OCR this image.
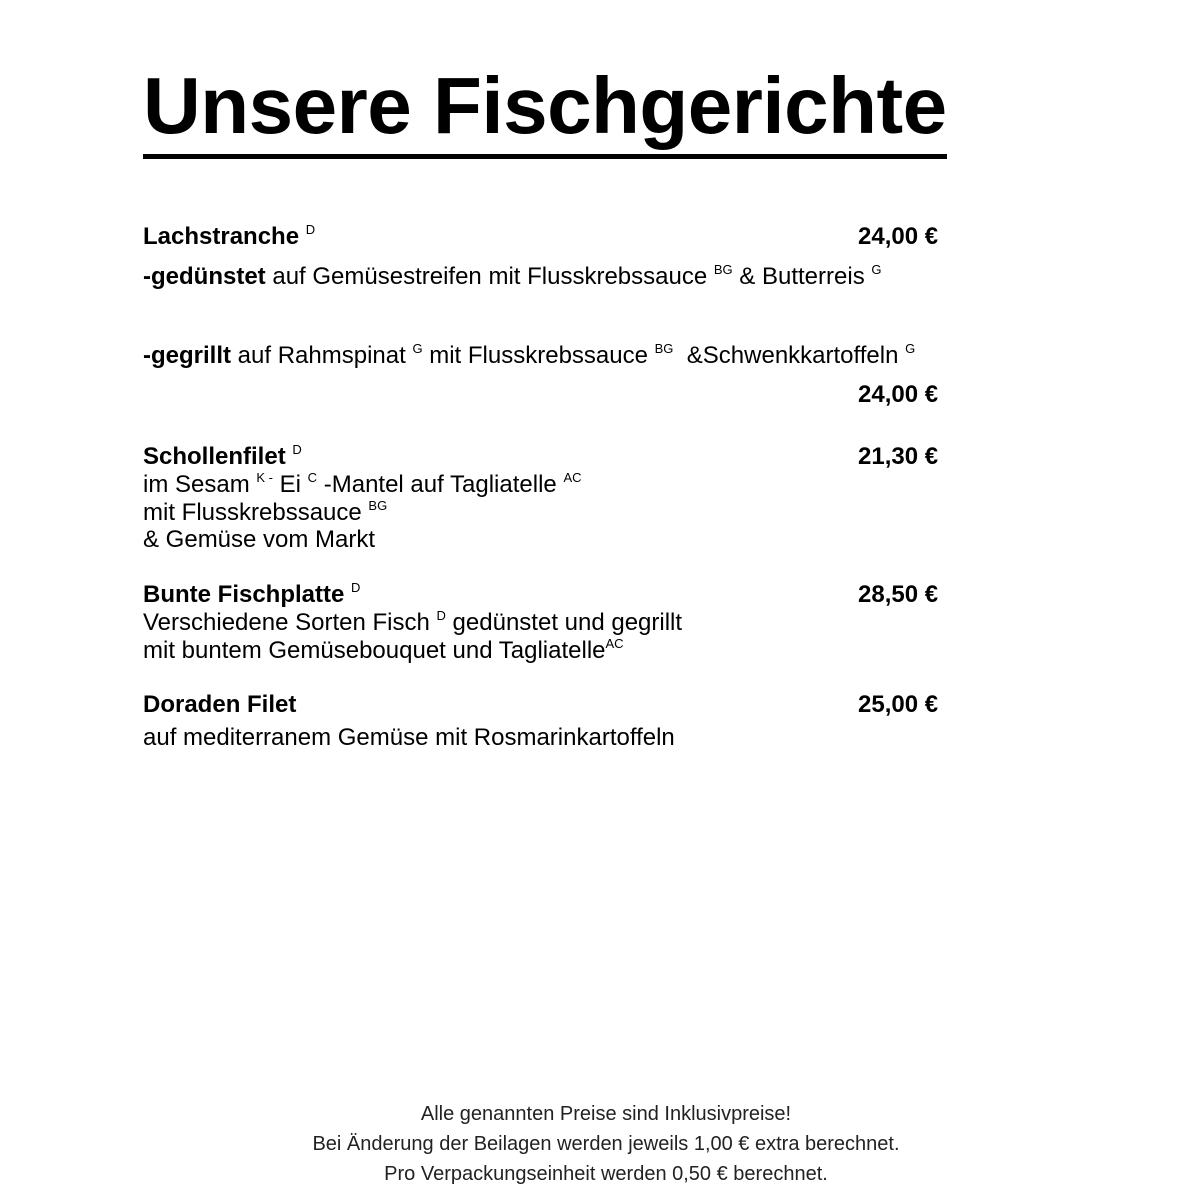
Unsere Fischgerichte
Lachstranche $^D$	24,00 €
-gedünstet auf Gemüsestreifen mit Flusskrebssauce $^{BG}$ & Butterreis $^G$
-gegrillt auf Rahmspinat $^G$ mit Flusskrebssauce $^{BG}$  &Schwenkkartoffeln $^G$
24,00 €
Schollenfilet $^D$	21,30 €
im Sesam $^{K -}$ Ei $^C$ -Mantel auf Tagliatelle $^{AC}$
mit Flusskrebssauce $^{BG}$
& Gemüse vom Markt
Bunte Fischplatte $^D$	28,50 €
Verschiedene Sorten Fisch $^D$ gedünstet und gegrillt
mit buntem Gemüsebouquet und Tagliatelle$^{AC}$
Doraden Filet	25,00 €
auf mediterranem Gemüse mit Rosmarinkartoffeln
Alle genannten Preise sind Inklusivpreise!
Bei Änderung der Beilagen werden jeweils 1,00 € extra berechnet.
Pro Verpackungseinheit werden 0,50 € berechnet.
